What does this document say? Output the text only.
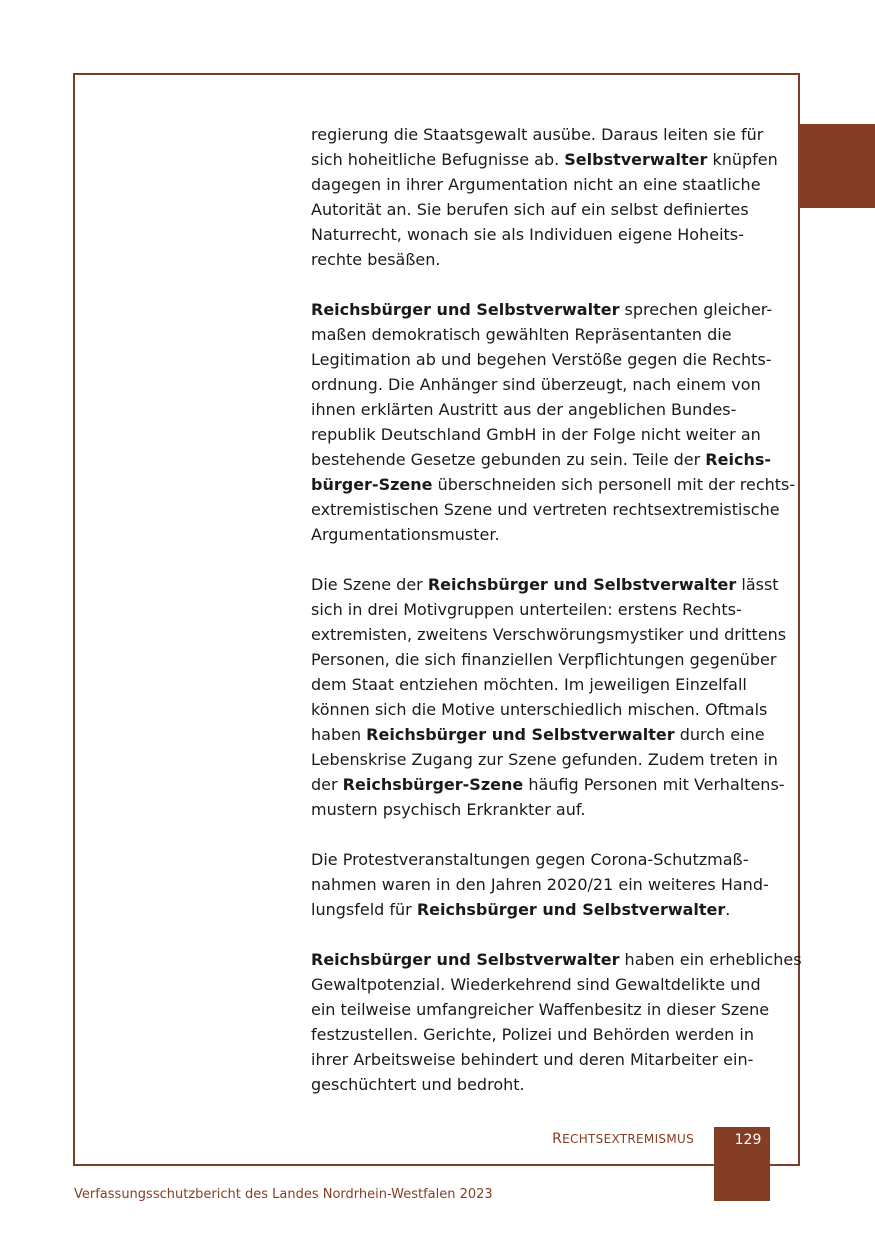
regierung die Staatsgewalt ausübe. Daraus leiten sie für
sich hoheitliche Befugnisse ab. Selbstverwalter knüpfen
dagegen in ihrer Argumentation nicht an eine staatliche
Autorität an. Sie berufen sich auf ein selbst definiertes
Naturrecht, wonach sie als Individuen eigene Hoheits-
rechte besäßen.
Reichsbürger und Selbstverwalter sprechen gleicher-
maßen demokratisch gewählten Repräsentanten die
Legitimation ab und begehen Verstöße gegen die Rechts-
ordnung. Die Anhänger sind überzeugt, nach einem von
ihnen erklärten Austritt aus der angeblichen Bundes-
republik Deutschland GmbH in der Folge nicht weiter an
bestehende Gesetze gebunden zu sein. Teile der Reichs-
bürger-Szene überschneiden sich personell mit der rechts-
extremistischen Szene und vertreten rechtsextremistische
Argumentationsmuster.
Die Szene der Reichsbürger und Selbstverwalter lässt
sich in drei Motivgruppen unterteilen: erstens Rechts-
extremisten, zweitens Verschwörungsmystiker und drittens
Personen, die sich finanziellen Verpflichtungen gegenüber
dem Staat entziehen möchten. Im jeweiligen Einzelfall
können sich die Motive unterschiedlich mischen. Oftmals
haben Reichsbürger und Selbstverwalter durch eine
Lebenskrise Zugang zur Szene gefunden. Zudem treten in
der Reichsbürger-Szene häufig Personen mit Verhaltens-
mustern psychisch Erkrankter auf.
Die Protestveranstaltungen gegen Corona-Schutzmaß-
nahmen waren in den Jahren 2020/21 ein weiteres Hand-
lungsfeld für Reichsbürger und Selbstverwalter.
Reichsbürger und Selbstverwalter haben ein erhebliches
Gewaltpotenzial. Wiederkehrend sind Gewaltdelikte und
ein teilweise umfangreicher Waffenbesitz in dieser Szene
festzustellen. Gerichte, Polizei und Behörden werden in
ihrer Arbeitsweise behindert und deren Mitarbeiter ein-
geschüchtert und bedroht.
RECHTSEXTREMISMUS	129
Verfassungsschutzbericht des Landes Nordrhein-Westfalen 2023
